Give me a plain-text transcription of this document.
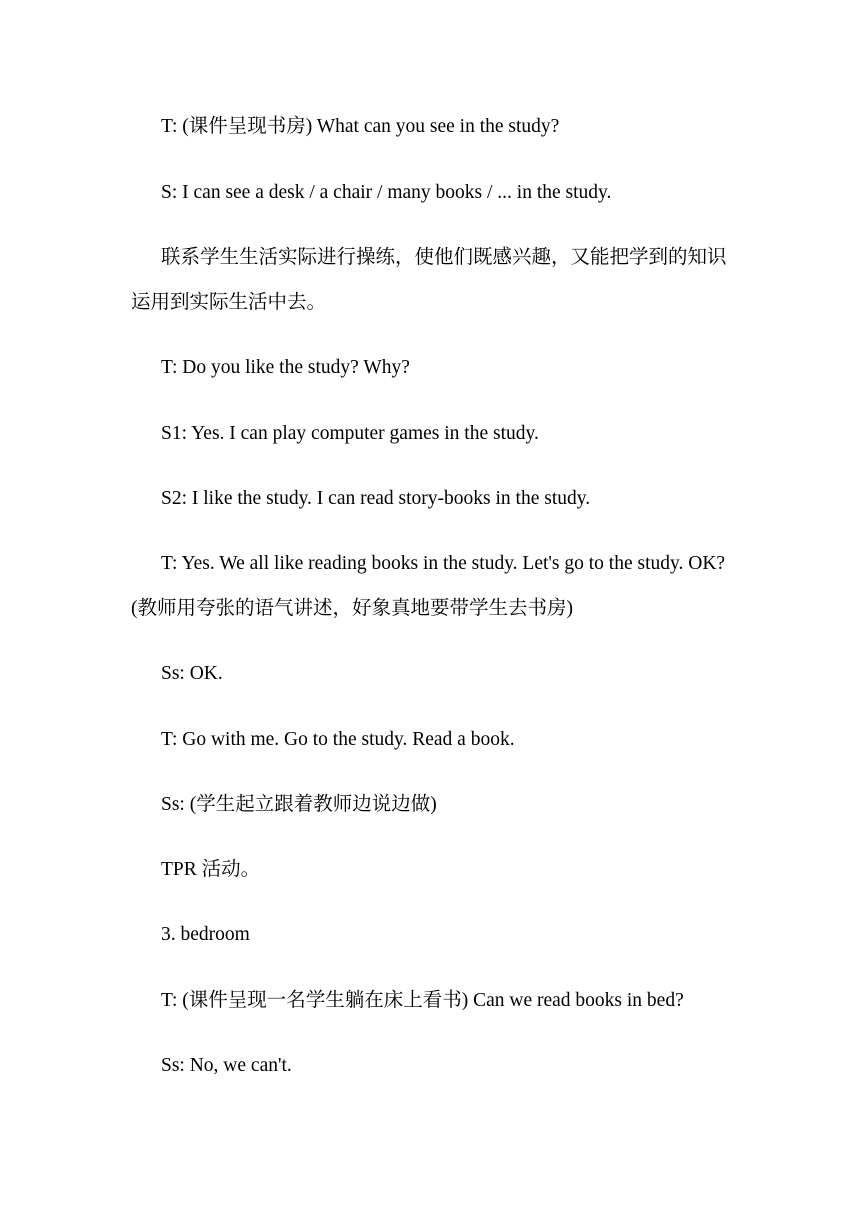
T: (课件呈现书房) What can you see in the study?

S: I can see a desk / a chair / many books / ... in the study.

联系学生生活实际进行操练，使他们既感兴趣，又能把学到的知识运用到实际生活中去。

T: Do you like the study? Why?

S1: Yes. I can play computer games in the study.

S2: I like the study. I can read story-books in the study.

T: Yes. We all like reading books in the study. Let's go to the study. OK? (教师用夸张的语气讲述，好象真地要带学生去书房)

Ss: OK.

T: Go with me. Go to the study. Read a book.

Ss: (学生起立跟着教师边说边做)

TPR 活动。

3. bedroom

T: (课件呈现一名学生躺在床上看书) Can we read books in bed?

Ss: No, we can't.
